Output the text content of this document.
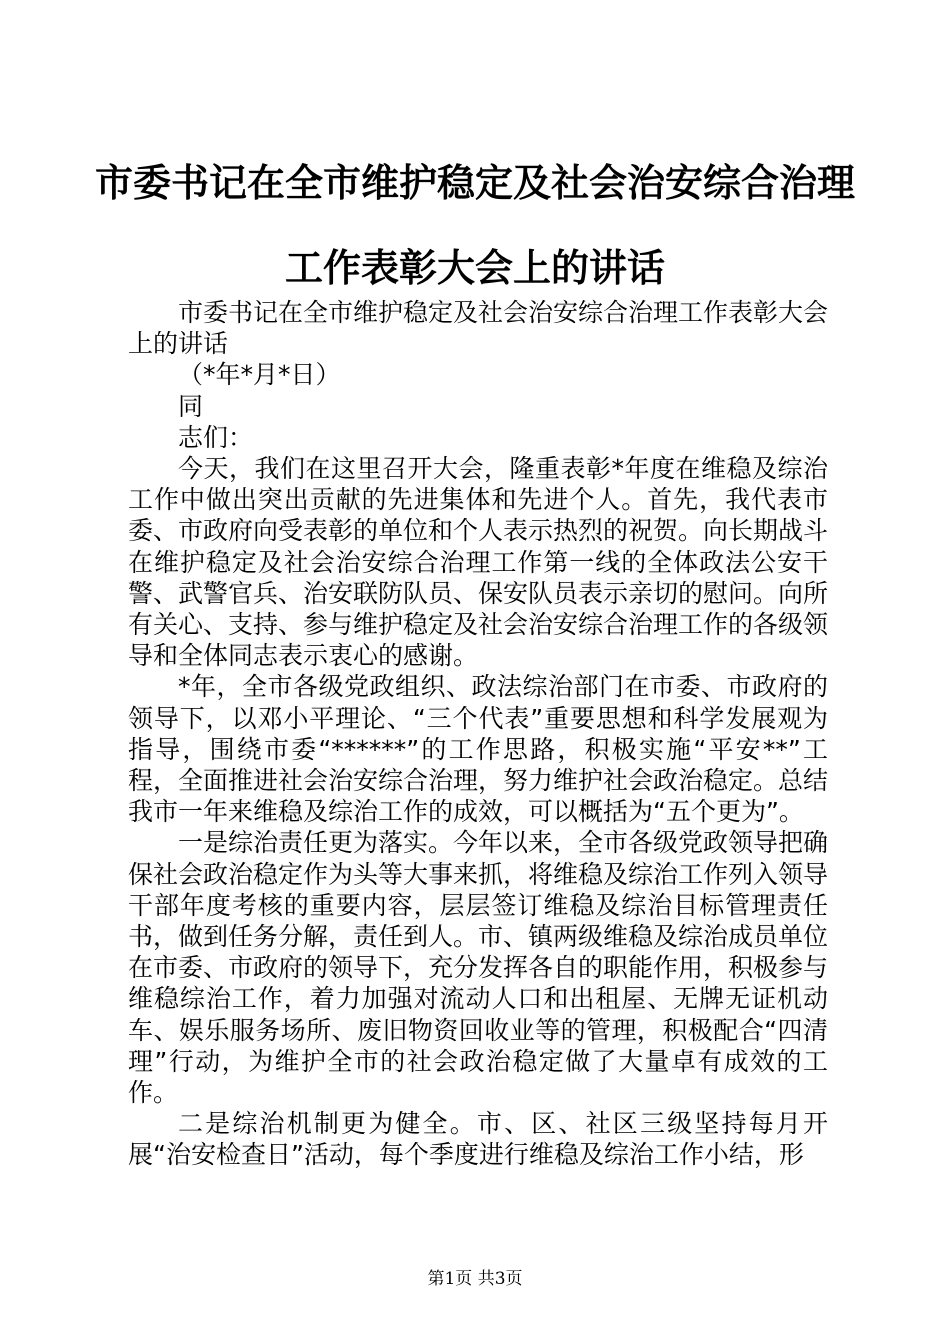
市委书记在全市维护稳定及社会治安综合治理
工作表彰大会上的讲话

市委书记在全市维护稳定及社会治安综合治理工作表彰大会上的讲话

（*年*月*日）

同

志们：

今天，我们在这里召开大会，隆重表彰*年度在维稳及综治工作中做出突出贡献的先进集体和先进个人。首先，我代表市委、市政府向受表彰的单位和个人表示热烈的祝贺。向长期战斗在维护稳定及社会治安综合治理工作第一线的全体政法公安干警、武警官兵、治安联防队员、保安队员表示亲切的慰问。向所有关心、支持、参与维护稳定及社会治安综合治理工作的各级领导和全体同志表示衷心的感谢。

*年，全市各级党政组织、政法综治部门在市委、市政府的领导下，以邓小平理论、“三个代表”重要思想和科学发展观为指导，围绕市委“******”的工作思路，积极实施“平安**”工程，全面推进社会治安综合治理，努力维护社会政治稳定。总结我市一年来维稳及综治工作的成效，可以概括为“五个更为”。

一是综治责任更为落实。今年以来，全市各级党政领导把确保社会政治稳定作为头等大事来抓，将维稳及综治工作列入领导干部年度考核的重要内容，层层签订维稳及综治目标管理责任书，做到任务分解，责任到人。市、镇两级维稳及综治成员单位在市委、市政府的领导下，充分发挥各自的职能作用，积极参与维稳综治工作，着力加强对流动人口和出租屋、无牌无证机动车、娱乐服务场所、废旧物资回收业等的管理，积极配合“四清理”行动，为维护全市的社会政治稳定做了大量卓有成效的工作。

二是综治机制更为健全。市、区、社区三级坚持每月开展“治安检查日”活动，每个季度进行维稳及综治工作小结，形

第1页 共3页
